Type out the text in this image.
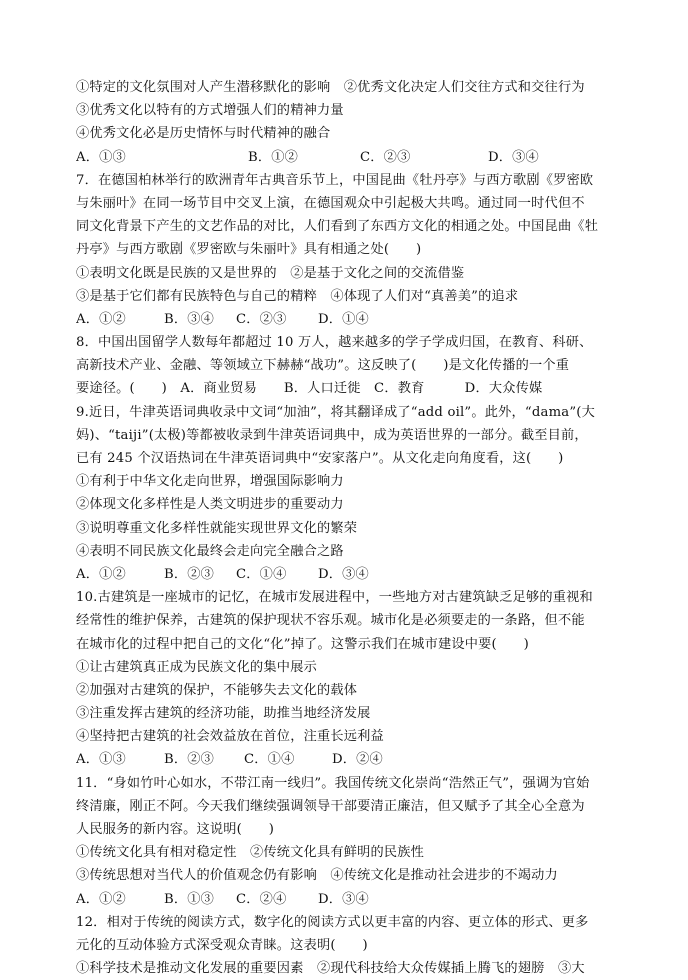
①特定的文化氛围对人产生潜移默化的影响　②优秀文化决定人们交往方式和交往行为
③优秀文化以特有的方式增强人们的精神力量
④优秀文化必是历史情怀与时代精神的融合
A．①③	B．①②	C．②③	D．③④
7．在德国柏林举行的欧洲青年古典音乐节上，中国昆曲《牡丹亭》与西方歌剧《罗密欧
与朱丽叶》在同一场节目中交叉上演，在德国观众中引起极大共鸣。通过同一时代但不
同文化背景下产生的文艺作品的对比，人们看到了东西方文化的相通之处。中国昆曲《牡
丹亭》与西方歌剧《罗密欧与朱丽叶》具有相通之处(　　)
①表明文化既是民族的又是世界的　②是基于文化之间的交流借鉴
③是基于它们都有民族特色与自己的精粹　④体现了人们对“真善美”的追求
A．①②	B．③④ C．②③ D．①④
8．中国出国留学人数每年都超过 10 万人，越来越多的学子学成归国，在教育、科研、
高新技术产业、金融、等领域立下赫赫“战功”。这反映了(　　)是文化传播的一个重
要途径。(　　)　A．商业贸易　　B．人口迁徙　C．教育　　　D．大众传媒
9.近日，牛津英语词典收录中文词“加油”，将其翻译成了“add oil”。此外，“dama”(大
妈)、“taiji”(太极)等都被收录到牛津英语词典中，成为英语世界的一部分。截至目前，
已有 245 个汉语热词在牛津英语词典中“安家落户”。从文化走向角度看，这(　　)
①有利于中华文化走向世界，增强国际影响力
②体现文化多样性是人类文明进步的重要动力
③说明尊重文化多样性就能实现世界文化的繁荣
④表明不同民族文化最终会走向完全融合之路
A．①②	B．②③ C．①④ D．③④
10.古建筑是一座城市的记忆，在城市发展进程中，一些地方对古建筑缺乏足够的重视和
经常性的维护保养，古建筑的保护现状不容乐观。城市化是必须要走的一条路，但不能
在城市化的过程中把自己的文化“化”掉了。这警示我们在城市建设中要(　　)
①让古建筑真正成为民族文化的集中展示
②加强对古建筑的保护，不能够失去文化的载体
③注重发挥古建筑的经济功能，助推当地经济发展
④坚持把古建筑的社会效益放在首位，注重长远利益
A．①③	B．②③ C．①④	D．②④
11．“身如竹叶心如水，不带江南一线归”。我国传统文化崇尚“浩然正气”，强调为官始
终清廉，刚正不阿。今天我们继续强调领导干部要清正廉洁，但又赋予了其全心全意为
人民服务的新内容。这说明(　　)
①传统文化具有相对稳定性　②传统文化具有鲜明的民族性
③传统思想对当代人的价值观念仍有影响　④传统文化是推动社会进步的不竭动力
A．①②	B．①③ C．②④ D．③④
12．相对于传统的阅读方式，数字化的阅读方式以更丰富的内容、更立体的形式、更多
元化的互动体验方式深受观众青睐。这表明(　　)
①科学技术是推动文化发展的重要因素　②现代科技给大众传媒插上腾飞的翅膀　③大
